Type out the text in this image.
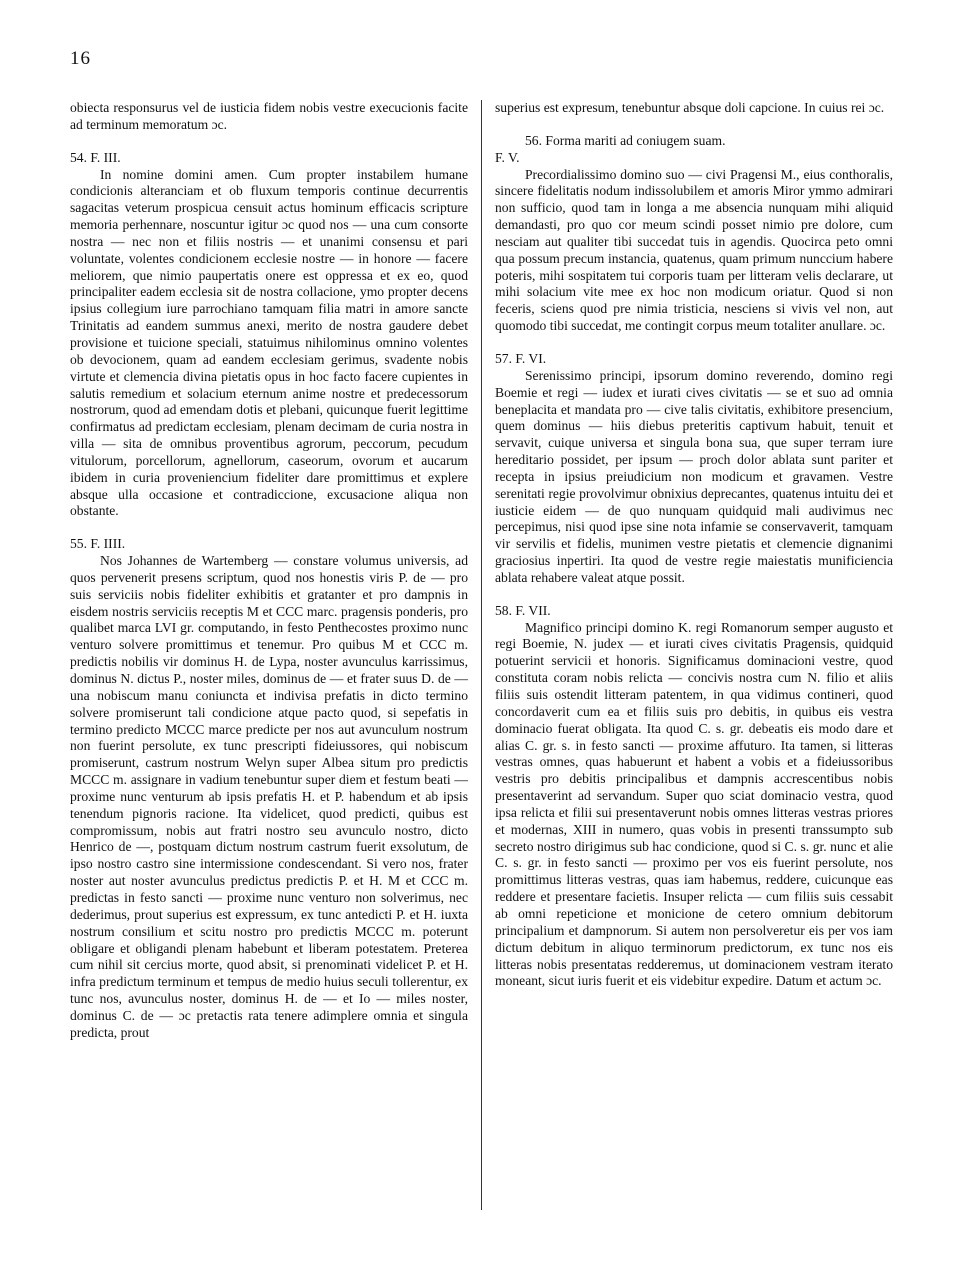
16

obiecta responsurus vel de iusticia fidem nobis vestre execucionis facite ad terminum memoratum ɔc.

54. F. III.

In nomine domini amen. Cum propter instabilem humane condicionis alteranciam et ob fluxum temporis continue decurrentis sagacitas veterum prospicua censuit actus hominum efficacis scripture memoria perhennare, noscuntur igitur ɔc quod nos — una cum consorte nostra — nec non et filiis nostris — et unanimi consensu et pari voluntate, volentes condicionem ecclesie nostre — in honore — facere meliorem, que nimio paupertatis onere est oppressa et ex eo, quod principaliter eadem ecclesia sit de nostra collacione, ymo propter decens ipsius collegium iure parrochiano tamquam filia matri in amore sancte Trinitatis ad eandem summus anexi, merito de nostra gaudere debet provisione et tuicione speciali, statuimus nihilominus omnino volentes ob devocionem, quam ad eandem ecclesiam gerimus, svadente nobis virtute et clemencia divina pietatis opus in hoc facto facere cupientes in salutis remedium et solacium eternum anime nostre et predecessorum nostrorum, quod ad emendam dotis et plebani, quicunque fuerit legittime confirmatus ad predictam ecclesiam, plenam decimam de curia nostra in villa — sita de omnibus proventibus agrorum, peccorum, pecudum vitulorum, porcellorum, agnellorum, caseorum, ovorum et aucarum ibidem in curia proveniencium fideliter dare promittimus et explere absque ulla occasione et contradiccione, excusacione aliqua non obstante.

55. F. IIII.

Nos Johannes de Wartemberg — constare volumus universis, ad quos pervenerit presens scriptum, quod nos honestis viris P. de — pro suis serviciis nobis fideliter exhibitis et gratanter et pro dampnis in eisdem nostris serviciis receptis M et CCC marc. pragensis ponderis, pro qualibet marca LVI gr. computando, in festo Penthecostes proximo nunc venturo solvere promittimus et tenemur. Pro quibus M et CCC m. predictis nobilis vir dominus H. de Lypa, noster avunculus karrissimus, dominus N. dictus P., noster miles, dominus de — et frater suus D. de — una nobiscum manu coniuncta et indivisa prefatis in dicto termino solvere promiserunt tali condicione atque pacto quod, si sepefatis in termino predicto MCCC marce predicte per nos aut avunculum nostrum non fuerint persolute, ex tunc prescripti fideiussores, qui nobiscum promiserunt, castrum nostrum Welyn super Albea situm pro predictis MCCC m. assignare in vadium tenebuntur super diem et festum beati — proxime nunc venturum ab ipsis prefatis H. et P. habendum et ab ipsis tenendum pignoris racione. Ita videlicet, quod predicti, quibus est compromissum, nobis aut fratri nostro seu avunculo nostro, dicto Henrico de —, postquam dictum nostrum castrum fuerit exsolutum, de ipso nostro castro sine intermissione condescendant. Si vero nos, frater noster aut noster avunculus predictus predictis P. et H. M et CCC m. predictas in festo sancti — proxime nunc venturo non solverimus, nec dederimus, prout superius est expressum, ex tunc antedicti P. et H. iuxta nostrum consilium et scitu nostro pro predictis MCCC m. poterunt obligare et obligandi plenam habebunt et liberam potestatem. Preterea cum nihil sit cercius morte, quod absit, si prenominati videlicet P. et H. infra predictum terminum et tempus de medio huius seculi tollerentur, ex tunc nos, avunculus noster, dominus H. de — et Io — miles noster, dominus C. de — ɔc pretactis rata tenere adimplere omnia et singula predicta, prout

superius est expresum, tenebuntur absque doli capcione. In cuius rei ɔc.

56. Forma mariti ad coniugem suam.

F. V.

Precordialissimo domino suo — civi Pragensi M., eius conthoralis, sincere fidelitatis nodum indissolubilem et amoris Miror ymmo admirari non sufficio, quod tam in longa a me absencia nunquam mihi aliquid demandasti, pro quo cor meum scindi posset nimio pre dolore, cum nesciam aut qualiter tibi succedat tuis in agendis. Quocirca peto omni qua possum precum instancia, quatenus, quam primum nunccium habere poteris, mihi sospitatem tui corporis tuam per litteram velis declarare, ut mihi solacium vite mee ex hoc non modicum oriatur. Quod si non feceris, sciens quod pre nimia tristicia, nesciens si vivis vel non, aut quomodo tibi succedat, me contingit corpus meum totaliter anullare. ɔc.

57. F. VI.

Serenissimo principi, ipsorum domino reverendo, domino regi Boemie et regi — iudex et iurati cives civitatis — se et suo ad omnia beneplacita et mandata pro — cive talis civitatis, exhibitore presencium, quem dominus — hiis diebus preteritis captivum habuit, tenuit et servavit, cuique universa et singula bona sua, que super terram iure hereditario possidet, per ipsum — proch dolor ablata sunt pariter et recepta in ipsius preiudicium non modicum et gravamen. Vestre serenitati regie provolvimur obnixius deprecantes, quatenus intuitu dei et iusticie eidem — de quo nunquam quidquid mali audivimus nec percepimus, nisi quod ipse sine nota infamie se conservaverit, tamquam vir servilis et fidelis, munimen vestre pietatis et clemencie dignanimi graciosius inpertiri. Ita quod de vestre regie maiestatis munificiencia ablata rehabere valeat atque possit.

58. F. VII.

Magnifico principi domino K. regi Romanorum semper augusto et regi Boemie, N. judex — et iurati cives civitatis Pragensis, quidquid potuerint servicii et honoris. Significamus dominacioni vestre, quod constituta coram nobis relicta — concivis nostra cum N. filio et aliis filiis suis ostendit litteram patentem, in qua vidimus contineri, quod concordaverit cum ea et filiis suis pro debitis, in quibus eis vestra dominacio fuerat obligata. Ita quod C. s. gr. debeatis eis modo dare et alias C. gr. s. in festo sancti — proxime affuturo. Ita tamen, si litteras vestras omnes, quas habuerunt et habent a vobis et a fideiussoribus vestris pro debitis principalibus et dampnis accrescentibus nobis presentaverint ad servandum. Super quo sciat dominacio vestra, quod ipsa relicta et filii sui presentaverunt nobis omnes litteras vestras priores et modernas, XIII in numero, quas vobis in presenti transsumpto sub secreto nostro dirigimus sub hac condicione, quod si C. s. gr. nunc et alie C. s. gr. in festo sancti — proximo per vos eis fuerint persolute, nos promittimus litteras vestras, quas iam habemus, reddere, cuicunque eas reddere et presentare facietis. Insuper relicta — cum filiis suis cessabit ab omni repeticione et monicione de cetero omnium debitorum principalium et dampnorum. Si autem non persolveretur eis per vos iam dictum debitum in aliquo terminorum predictorum, ex tunc nos eis litteras nobis presentatas redderemus, ut dominacionem vestram iterato moneant, sicut iuris fuerit et eis videbitur expedire. Datum et actum ɔc.
